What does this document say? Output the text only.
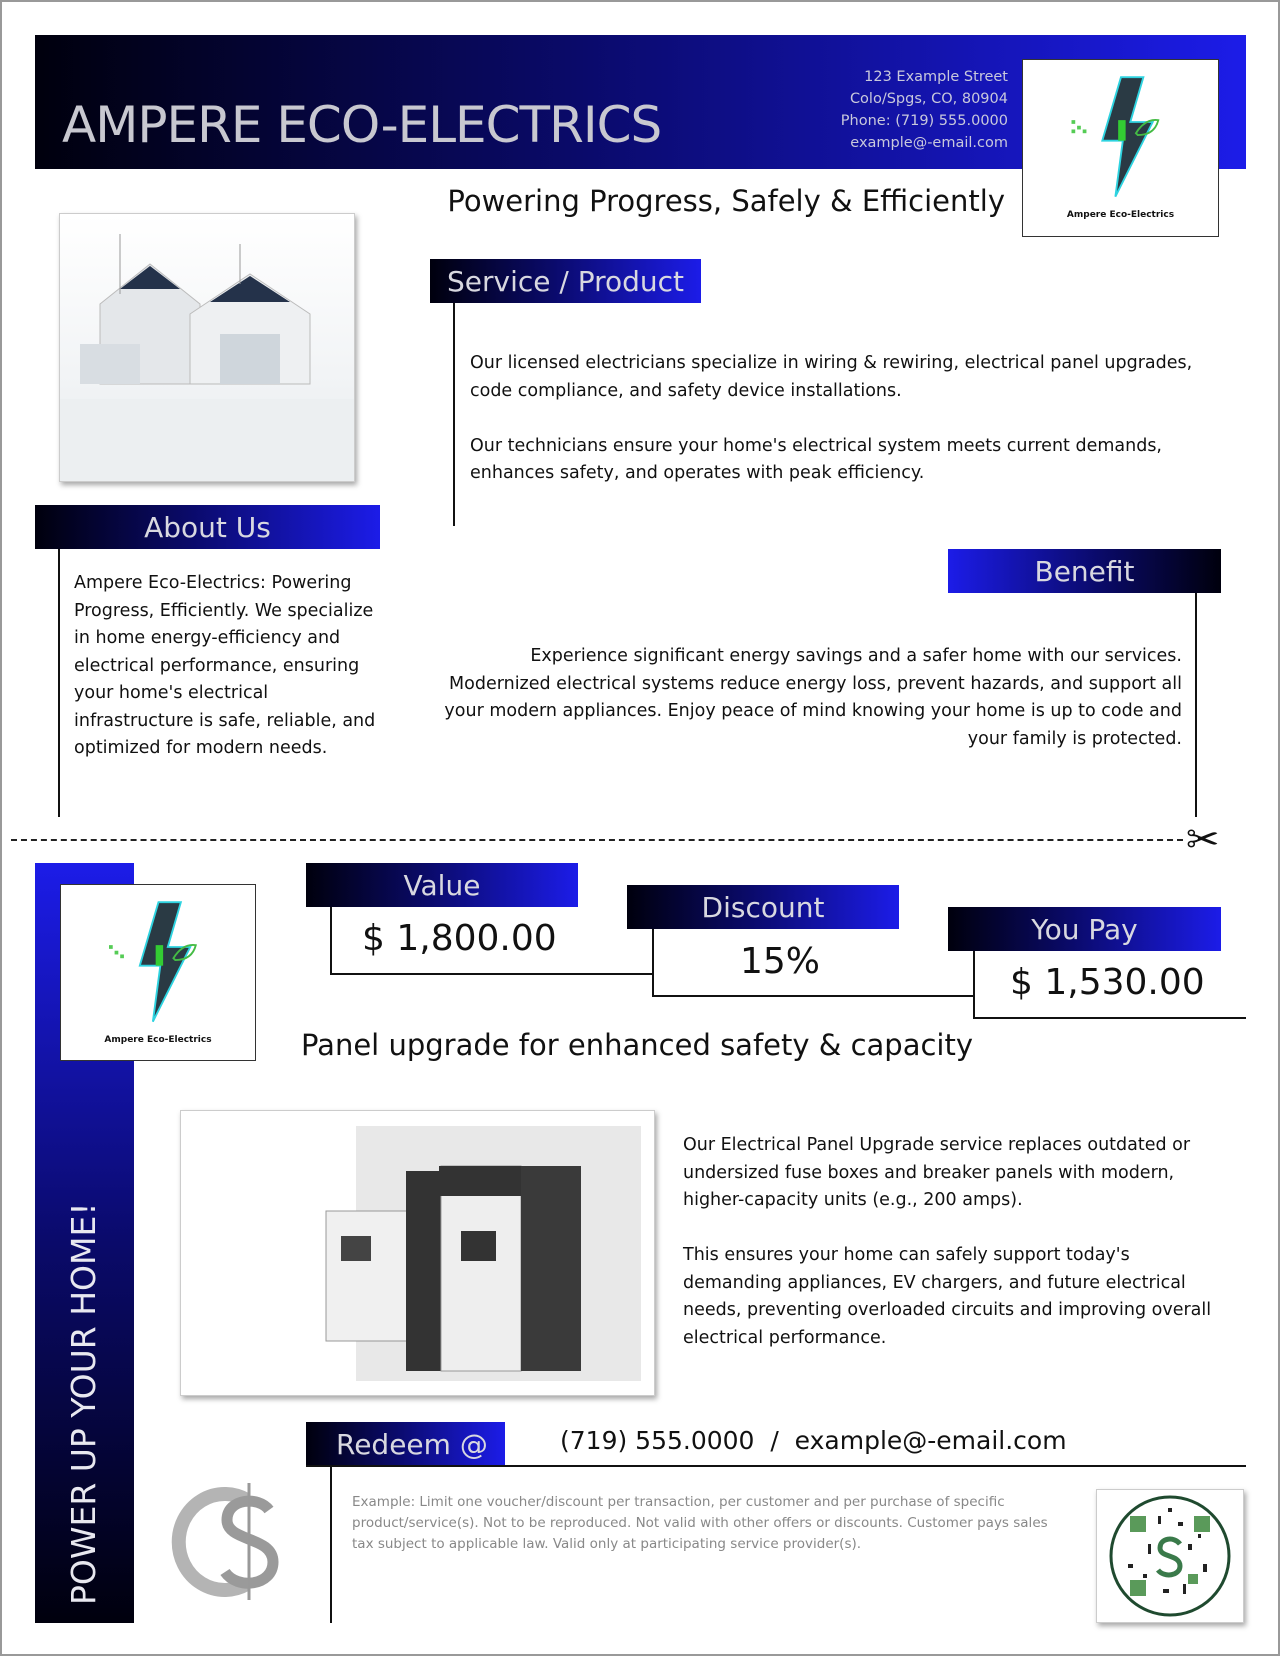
AMPERE ECO-ELECTRICS
123 Example Street
Colo/Spgs, CO, 80904
Phone: (719) 555.0000
example@-email.com
Ampere Eco-Electrics
Powering Progress, Safely & Efficiently
Service / Product

Our licensed electricians specialize in wiring & rewiring, electrical panel upgrades, code compliance, and safety device installations.

Our technicians ensure your home's electrical system meets current demands, enhances safety, and operates with peak efficiency.

About Us
Ampere Eco-Electrics: Powering Progress, Efficiently. We specialize in home energy-efficiency and electrical performance, ensuring your home's electrical infrastructure is safe, reliable, and optimized for modern needs.
Benefit
Experience significant energy savings and a safer home with our services. Modernized electrical systems reduce energy loss, prevent hazards, and support all your modern appliances. Enjoy peace of mind knowing your home is up to code and your family is protected.
✂
POWER UP YOUR HOME!
Ampere Eco-Electrics
Value
$ 1,800.00
Discount
15%
You Pay
$ 1,530.00
Panel upgrade for enhanced safety & capacity

Our Electrical Panel Upgrade service replaces outdated or undersized fuse boxes and breaker panels with modern, higher-capacity units (e.g., 200 amps).

This ensures your home can safely support today's demanding appliances, EV chargers, and future electrical needs, preventing overloaded circuits and improving overall electrical performance.

Redeem @	(719) 555.0000  /  example@-email.com
Example: Limit one voucher/discount per transaction, per customer and per purchase of specific product/service(s). Not to be reproduced. Not valid with other offers or discounts. Customer pays sales tax subject to applicable law. Valid only at participating service provider(s).
